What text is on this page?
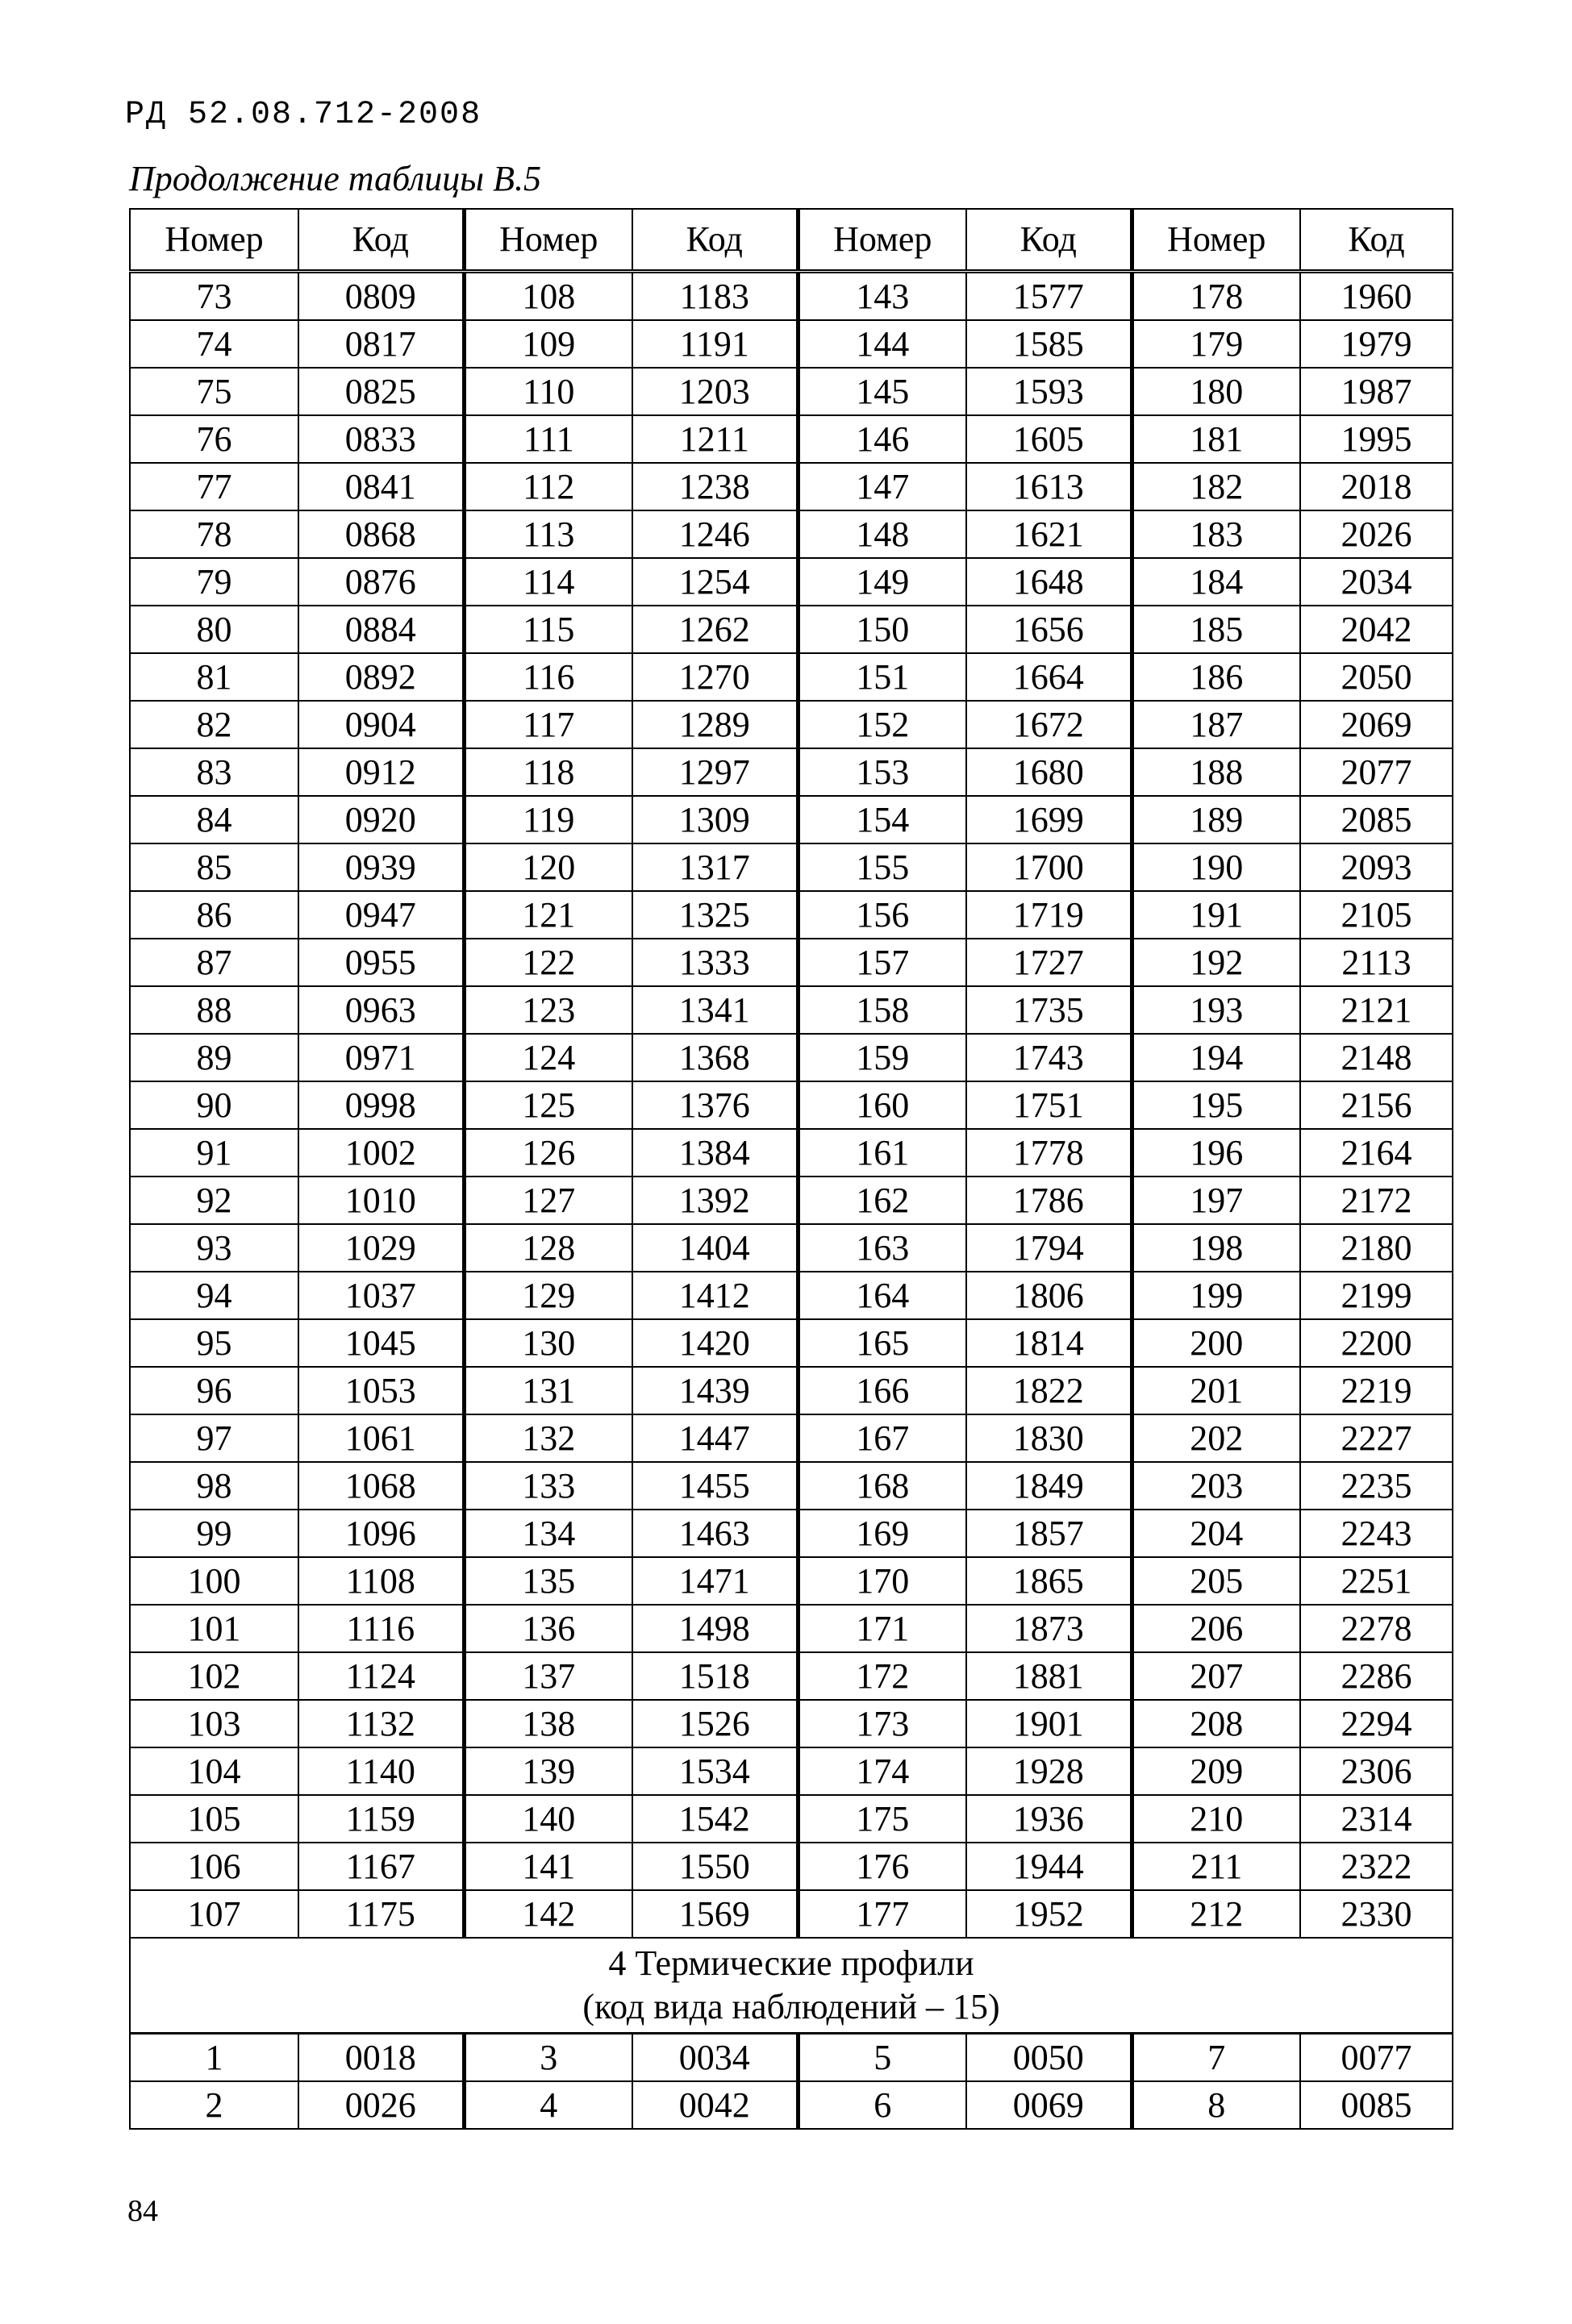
РД 52.08.712-2008
Продолжение таблицы В.5
Номер	Код	Номер	Код	Номер	Код	Номер	Код
73	0809	108	1183	143	1577	178	1960
74	0817	109	1191	144	1585	179	1979
75	0825	110	1203	145	1593	180	1987
76	0833	111	1211	146	1605	181	1995
77	0841	112	1238	147	1613	182	2018
78	0868	113	1246	148	1621	183	2026
79	0876	114	1254	149	1648	184	2034
80	0884	115	1262	150	1656	185	2042
81	0892	116	1270	151	1664	186	2050
82	0904	117	1289	152	1672	187	2069
83	0912	118	1297	153	1680	188	2077
84	0920	119	1309	154	1699	189	2085
85	0939	120	1317	155	1700	190	2093
86	0947	121	1325	156	1719	191	2105
87	0955	122	1333	157	1727	192	2113
88	0963	123	1341	158	1735	193	2121
89	0971	124	1368	159	1743	194	2148
90	0998	125	1376	160	1751	195	2156
91	1002	126	1384	161	1778	196	2164
92	1010	127	1392	162	1786	197	2172
93	1029	128	1404	163	1794	198	2180
94	1037	129	1412	164	1806	199	2199
95	1045	130	1420	165	1814	200	2200
96	1053	131	1439	166	1822	201	2219
97	1061	132	1447	167	1830	202	2227
98	1068	133	1455	168	1849	203	2235
99	1096	134	1463	169	1857	204	2243
100	1108	135	1471	170	1865	205	2251
101	1116	136	1498	171	1873	206	2278
102	1124	137	1518	172	1881	207	2286
103	1132	138	1526	173	1901	208	2294
104	1140	139	1534	174	1928	209	2306
105	1159	140	1542	175	1936	210	2314
106	1167	141	1550	176	1944	211	2322
107	1175	142	1569	177	1952	212	2330
4 Термические профили
(код вида наблюдений – 15)							
1	0018	3	0034	5	0050	7	0077
2	0026	4	0042	6	0069	8	0085
84
